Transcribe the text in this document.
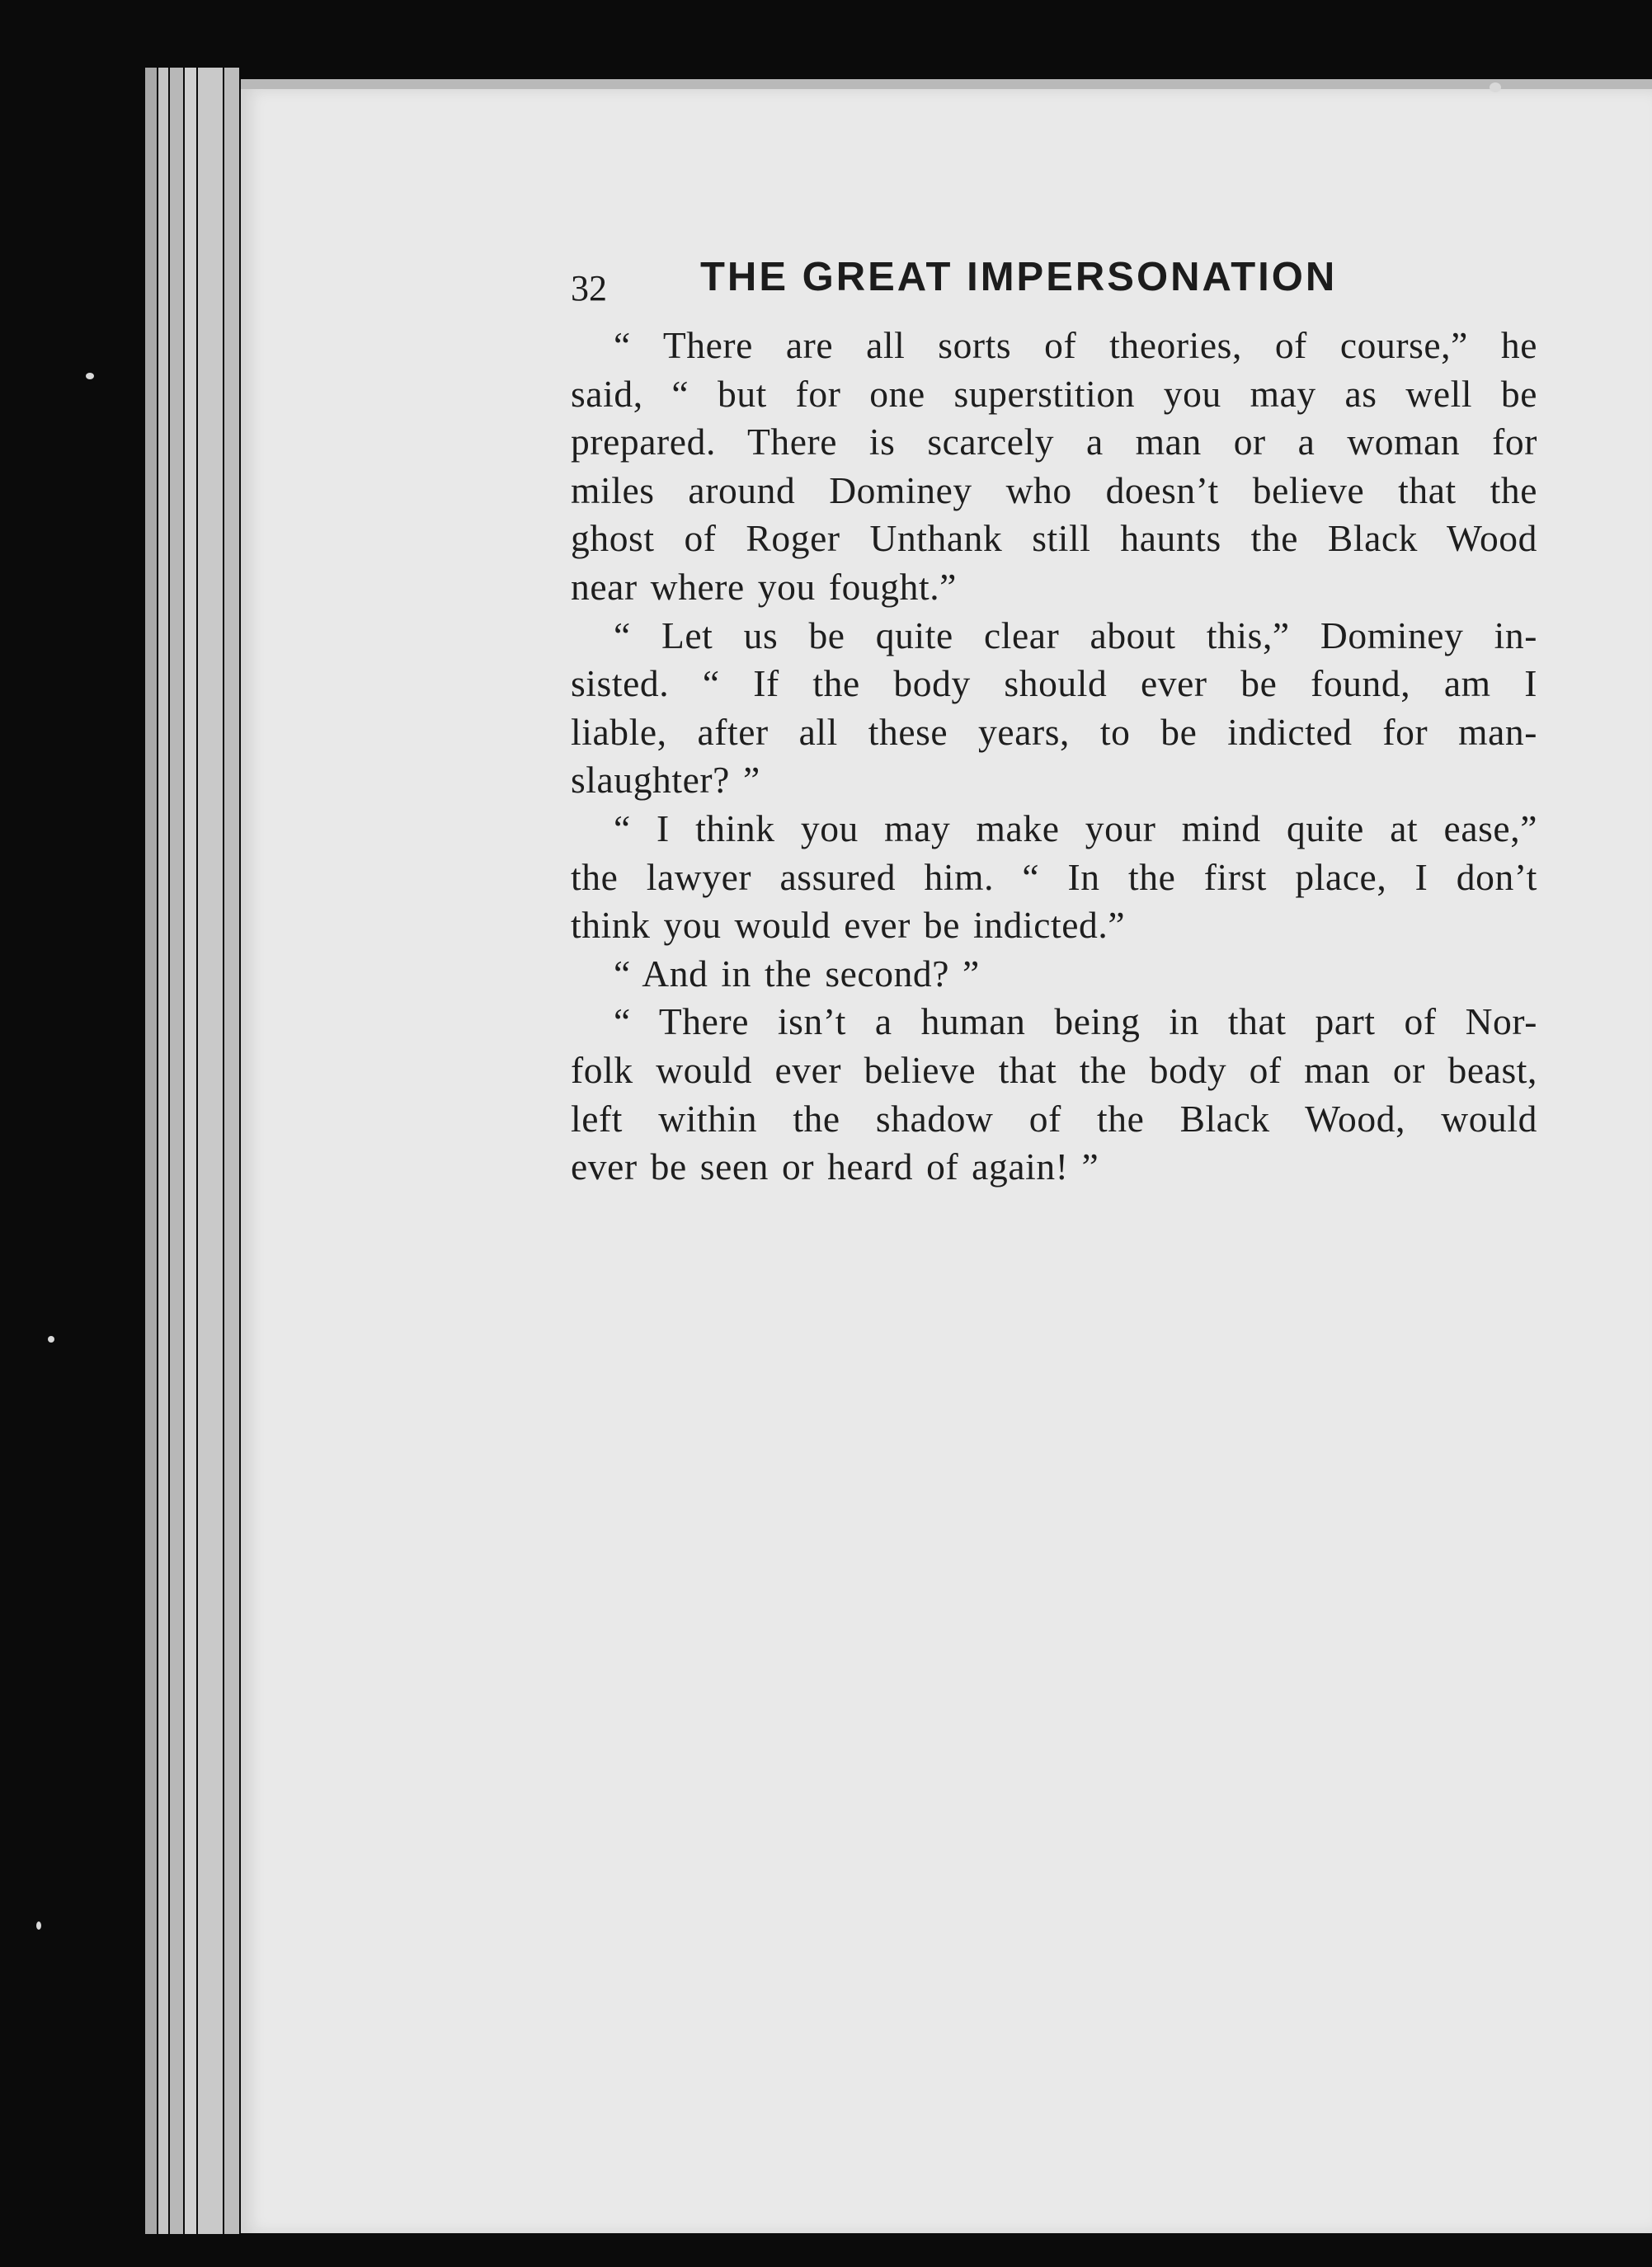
32 THE GREAT IMPERSONATION
“ There are all sorts of theories, of course,” he
said, “ but for one superstition you may as well be
prepared. There is scarcely a man or a woman for
miles around Dominey who doesn’t believe that the
ghost of Roger Unthank still haunts the Black Wood
near where you fought.”
“ Let us be quite clear about this,” Dominey in-
sisted. “ If the body should ever be found, am I
liable, after all these years, to be indicted for man-
slaughter? ”
“ I think you may make your mind quite at ease,”
the lawyer assured him. “ In the first place, I don’t
think you would ever be indicted.”
“ And in the second? ”
“ There isn’t a human being in that part of Nor-
folk would ever believe that the body of man or beast,
left within the shadow of the Black Wood, would
ever be seen or heard of again! ”
